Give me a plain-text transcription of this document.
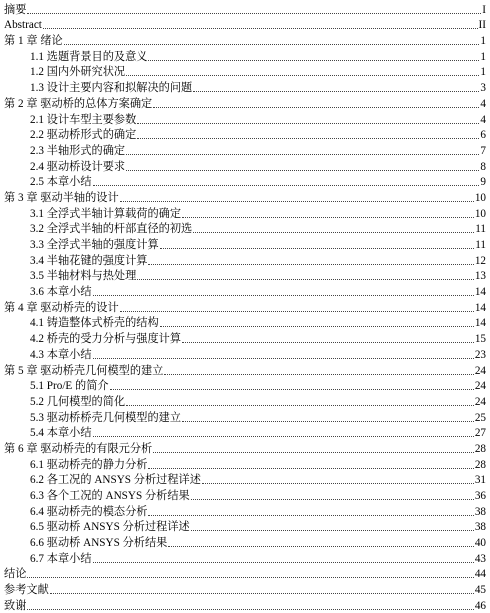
摘要	I
Abstract	II
第 1 章 绪论	1
1.1 选题背景目的及意义	1
1.2 国内外研究状况	1
1.3 设计主要内容和拟解决的问题	3
第 2 章 驱动桥的总体方案确定	4
2.1 设计车型主要参数	4
2.2 驱动桥形式的确定	6
2.3 半轴形式的确定	7
2.4 驱动桥设计要求	8
2.5 本章小结	9
第 3 章 驱动半轴的设计	10
3.1 全浮式半轴计算载荷的确定	10
3.2 全浮式半轴的杆部直径的初选	11
3.3 全浮式半轴的强度计算	11
3.4 半轴花键的强度计算	12
3.5 半轴材料与热处理	13
3.6 本章小结	14
第 4 章 驱动桥壳的设计	14
4.1 铸造整体式桥壳的结构	14
4.2 桥壳的受力分析与强度计算	15
4.3 本章小结	23
第 5 章 驱动桥壳几何模型的建立	24
5.1 Pro/E 的简介	24
5.2 几何模型的简化	24
5.3 驱动桥桥壳几何模型的建立	25
5.4 本章小结	27
第 6 章 驱动桥壳的有限元分析	28
6.1 驱动桥壳的静力分析	28
6.2 各工况的 ANSYS 分析过程详述	31
6.3 各个工况的 ANSYS 分析结果	36
6.4 驱动桥壳的模态分析	38
6.5 驱动桥 ANSYS 分析过程详述	38
6.6 驱动桥 ANSYS 分析结果	40
6.7 本章小结	43
结论	44
参考文献	45
致谢	46
